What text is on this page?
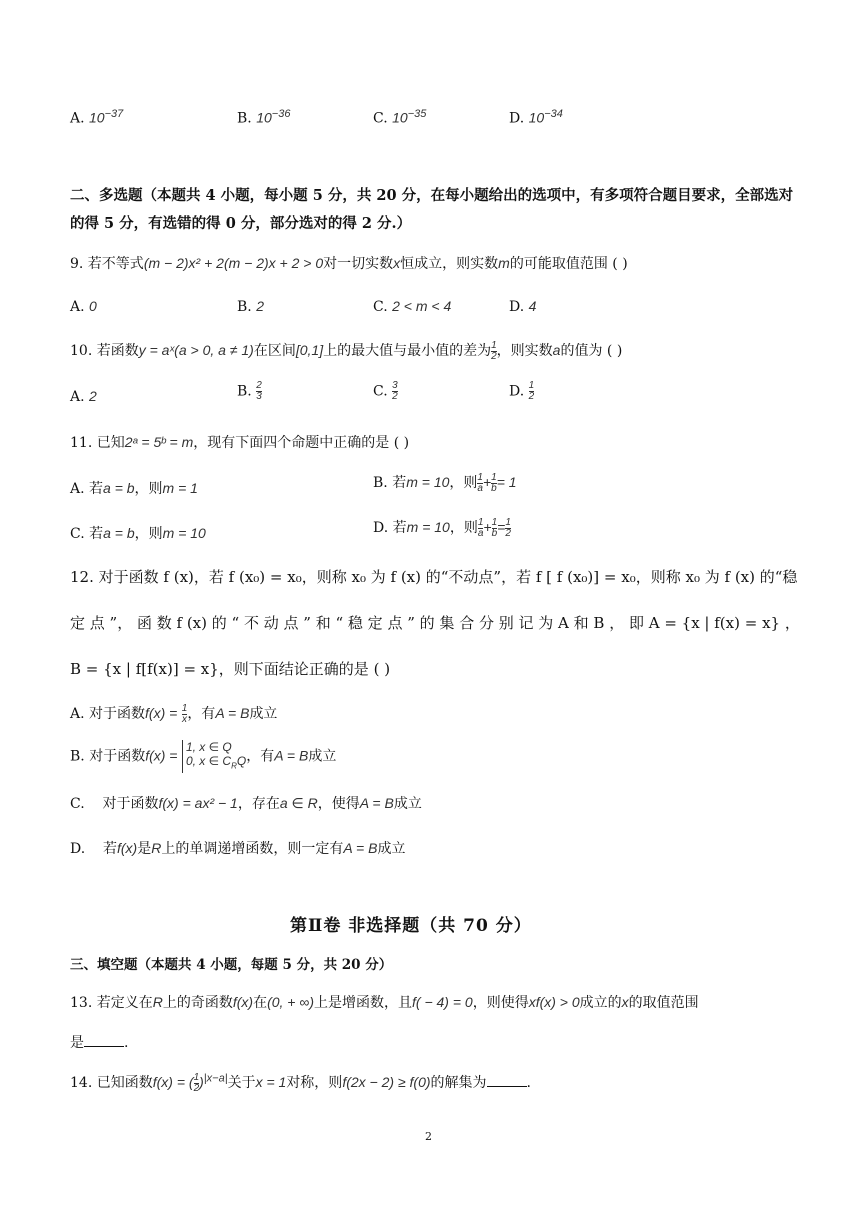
A. $10^{-37}$	B. $10^{-36}$	C. $10^{-35}$	D. $10^{-34}$
二、多选题（本题共 4 小题，每小题 5 分，共 20 分，在每小题给出的选项中，有多项符合题目要求，全部选对的得 5 分，有选错的得 0 分，部分选对的得 2 分.）
9. 若不等式(m − 2)x² + 2(m − 2)x + 2 > 0对一切实数x恒成立，则实数m的可能取值范围 ( )
A. 0	B. 2	C. 2 < m < 4	D. 4
10. 若函数y = aˣ(a > 0, a ≠ 1)在区间[0,1]上的最大值与最小值的差为 $\frac{1}{2}$ ，则实数a的值为 ( )
A. 2	B. $\frac{2}{3}$	C. $\frac{3}{2}$	D. $\frac{1}{2}$
11. 已知2ᵃ = 5ᵇ = m，现有下面四个命题中正确的是 ( )
A. 若a = b，则m = 1	B. 若m = 10，则 $\frac{1}{a} + \frac{1}{b} = 1$
C. 若a = b，则m = 10	D. 若m = 10，则 $\frac{1}{a} + \frac{1}{b} = \frac{1}{2}$
12. 对于函数 f (x)，若 f (x₀) = x₀，则称 x₀ 为 f (x) 的“不动点”，若 f [ f (x₀)] = x₀，则称 x₀ 为 f (x) 的“稳
定 点 ”， 函 数 f (x) 的 “ 不 动 点 ” 和 “ 稳 定 点 ” 的 集 合 分 别 记 为 A 和 B ， 即 A = {x | f(x) = x} ，
B = {x | f[f(x)] = x}，则下面结论正确的是 ( )
A. 对于函数$f(x) = \frac{1}{x}$ ，有A = B成立
B. 对于函数f(x) =
1, x ∈ Q
0, x ∈ $C_RQ$ ，有A = B成立
C. 对于函数f(x) = ax² − 1，存在a ∈ R，使得A = B成立
D. 若f(x)是R上的单调递增函数，则一定有A = B成立
第Ⅱ卷 非选择题（共 70 分）
三、填空题（本题共 4 小题，每题 5 分，共 20 分）
13. 若定义在R上的奇函数f(x)在(0, + ∞)上是增函数，且f( − 4) = 0，则使得xf(x) > 0成立的x的取值范围
是	.
14. 已知函数f(x) = ( $\frac{1}{2} )^{|x-a|}$关于x = 1对称，则f(2x − 2) ≥ f(0)的解集为	.
2
